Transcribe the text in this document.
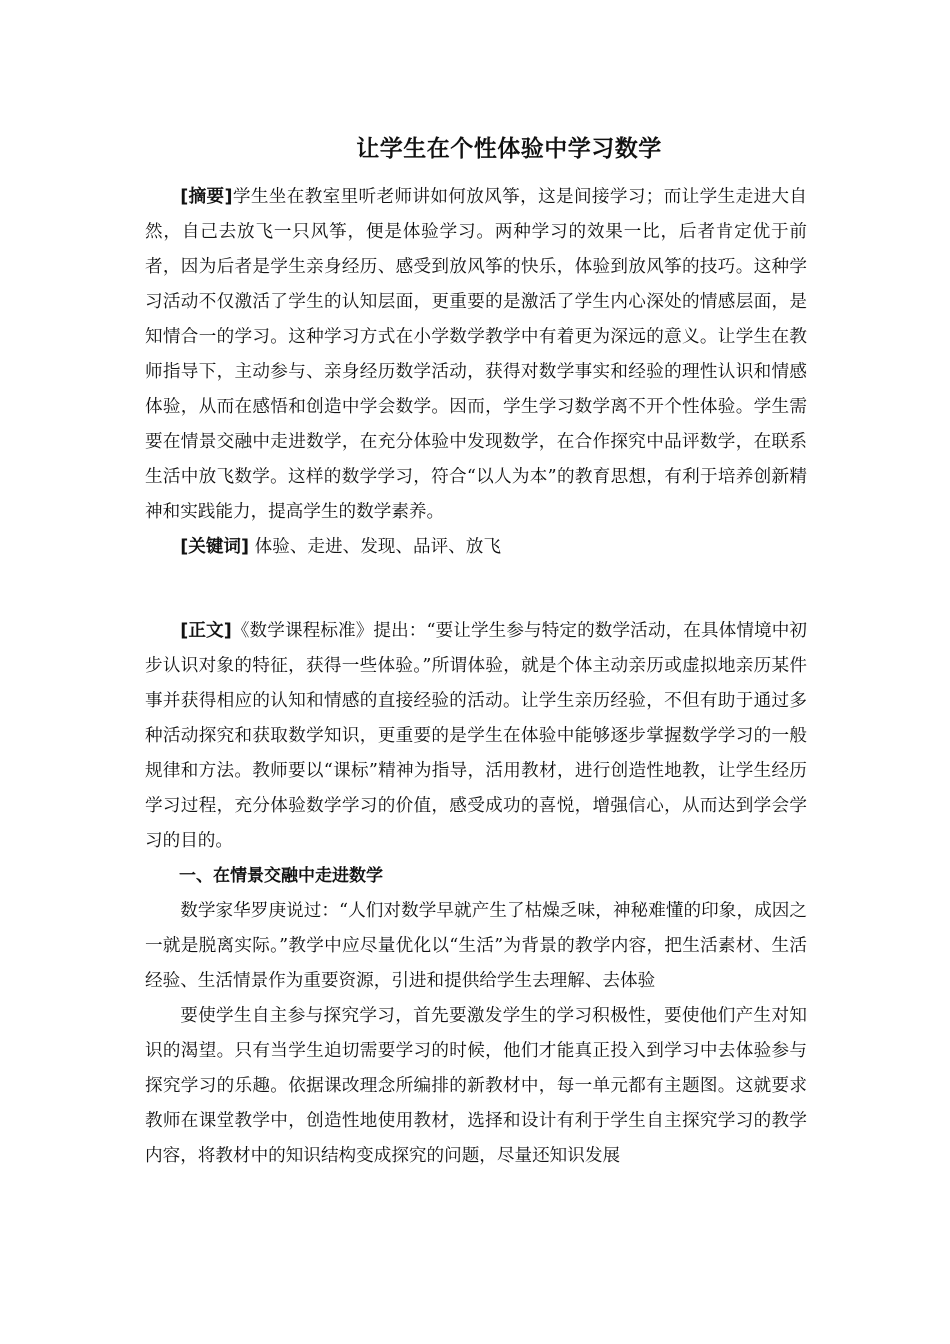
让学生在个性体验中学习数学

[摘要]学生坐在教室里听老师讲如何放风筝，这是间接学习；而让学生走进大自然，自己去放飞一只风筝，便是体验学习。两种学习的效果一比，后者肯定优于前者，因为后者是学生亲身经历、感受到放风筝的快乐，体验到放风筝的技巧。这种学习活动不仅激活了学生的认知层面，更重要的是激活了学生内心深处的情感层面，是知情合一的学习。这种学习方式在小学数学教学中有着更为深远的意义。让学生在教师指导下，主动参与、亲身经历数学活动，获得对数学事实和经验的理性认识和情感体验，从而在感悟和创造中学会数学。因而，学生学习数学离不开个性体验。学生需要在情景交融中走进数学，在充分体验中发现数学，在合作探究中品评数学，在联系生活中放飞数学。这样的数学学习，符合“以人为本”的教育思想，有利于培养创新精神和实践能力，提高学生的数学素养。

[关键词] 体验、走进、发现、品评、放飞

[正文]《数学课程标准》提出：“要让学生参与特定的数学活动，在具体情境中初步认识对象的特征，获得一些体验。”所谓体验，就是个体主动亲历或虚拟地亲历某件事并获得相应的认知和情感的直接经验的活动。让学生亲历经验，不但有助于通过多种活动探究和获取数学知识，更重要的是学生在体验中能够逐步掌握数学学习的一般规律和方法。教师要以“课标”精神为指导，活用教材，进行创造性地教，让学生经历学习过程，充分体验数学学习的价值，感受成功的喜悦，增强信心，从而达到学会学习的目的。

一、在情景交融中走进数学

数学家华罗庚说过：“人们对数学早就产生了枯燥乏味，神秘难懂的印象，成因之一就是脱离实际。”教学中应尽量优化以“生活”为背景的教学内容，把生活素材、生活经验、生活情景作为重要资源，引进和提供给学生去理解、去体验

要使学生自主参与探究学习，首先要激发学生的学习积极性，要使他们产生对知识的渴望。只有当学生迫切需要学习的时候，他们才能真正投入到学习中去体验参与探究学习的乐趣。依据课改理念所编排的新教材中，每一单元都有主题图。这就要求教师在课堂教学中，创造性地使用教材，选择和设计有利于学生自主探究学习的教学内容，将教材中的知识结构变成探究的问题，尽量还知识发展
